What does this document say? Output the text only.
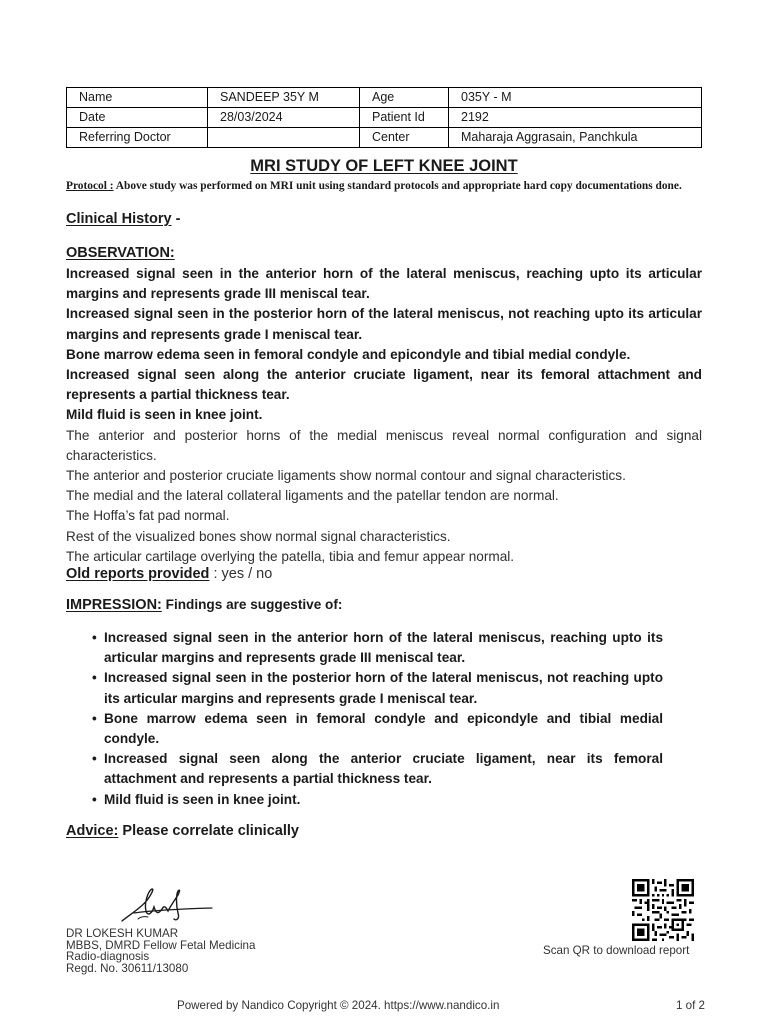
Name	SANDEEP 35Y M	Age	035Y - M
Date	28/03/2024	Patient Id	2192
Referring Doctor		Center	Maharaja Aggrasain, Panchkula
MRI STUDY OF LEFT KNEE JOINT
Protocol : Above study was performed on MRI unit using standard protocols and appropriate hard copy documentations done.
Clinical History -
OBSERVATION:

Increased signal seen in the anterior horn of the lateral meniscus, reaching upto its articular margins and represents grade III meniscal tear.

Increased signal seen in the posterior horn of the lateral meniscus, not reaching upto its articular margins and represents grade I meniscal tear.

Bone marrow edema seen in femoral condyle and epicondyle and tibial medial condyle.

Increased signal seen along the anterior cruciate ligament, near its femoral attachment and represents a partial thickness tear.

Mild fluid is seen in knee joint.

The anterior and posterior horns of the medial meniscus reveal normal configuration and signal characteristics.

The anterior and posterior cruciate ligaments show normal contour and signal characteristics.

The medial and the lateral collateral ligaments and the patellar tendon are normal.

The Hoffa’s fat pad normal.

Rest of the visualized bones show normal signal characteristics.

The articular cartilage overlying the patella, tibia and femur appear normal.

Old reports provided : yes / no
IMPRESSION: Findings are suggestive of:
• Increased signal seen in the anterior horn of the lateral meniscus, reaching upto its articular margins and represents grade III meniscal tear.
• Increased signal seen in the posterior horn of the lateral meniscus, not reaching upto its articular margins and represents grade I meniscal tear.
• Bone marrow edema seen in femoral condyle and epicondyle and tibial medial condyle.
• Increased signal seen along the anterior cruciate ligament, near its femoral attachment and represents a partial thickness tear.
• Mild fluid is seen in knee joint.
Advice: Please correlate clinically
DR LOKESH KUMAR
MBBS, DMRD Fellow Fetal Medicina
Radio-diagnosis
Regd. No. 30611/13080
Scan QR to download report
Powered by Nandico Copyright © 2024. https://www.nandico.in	1 of 2
